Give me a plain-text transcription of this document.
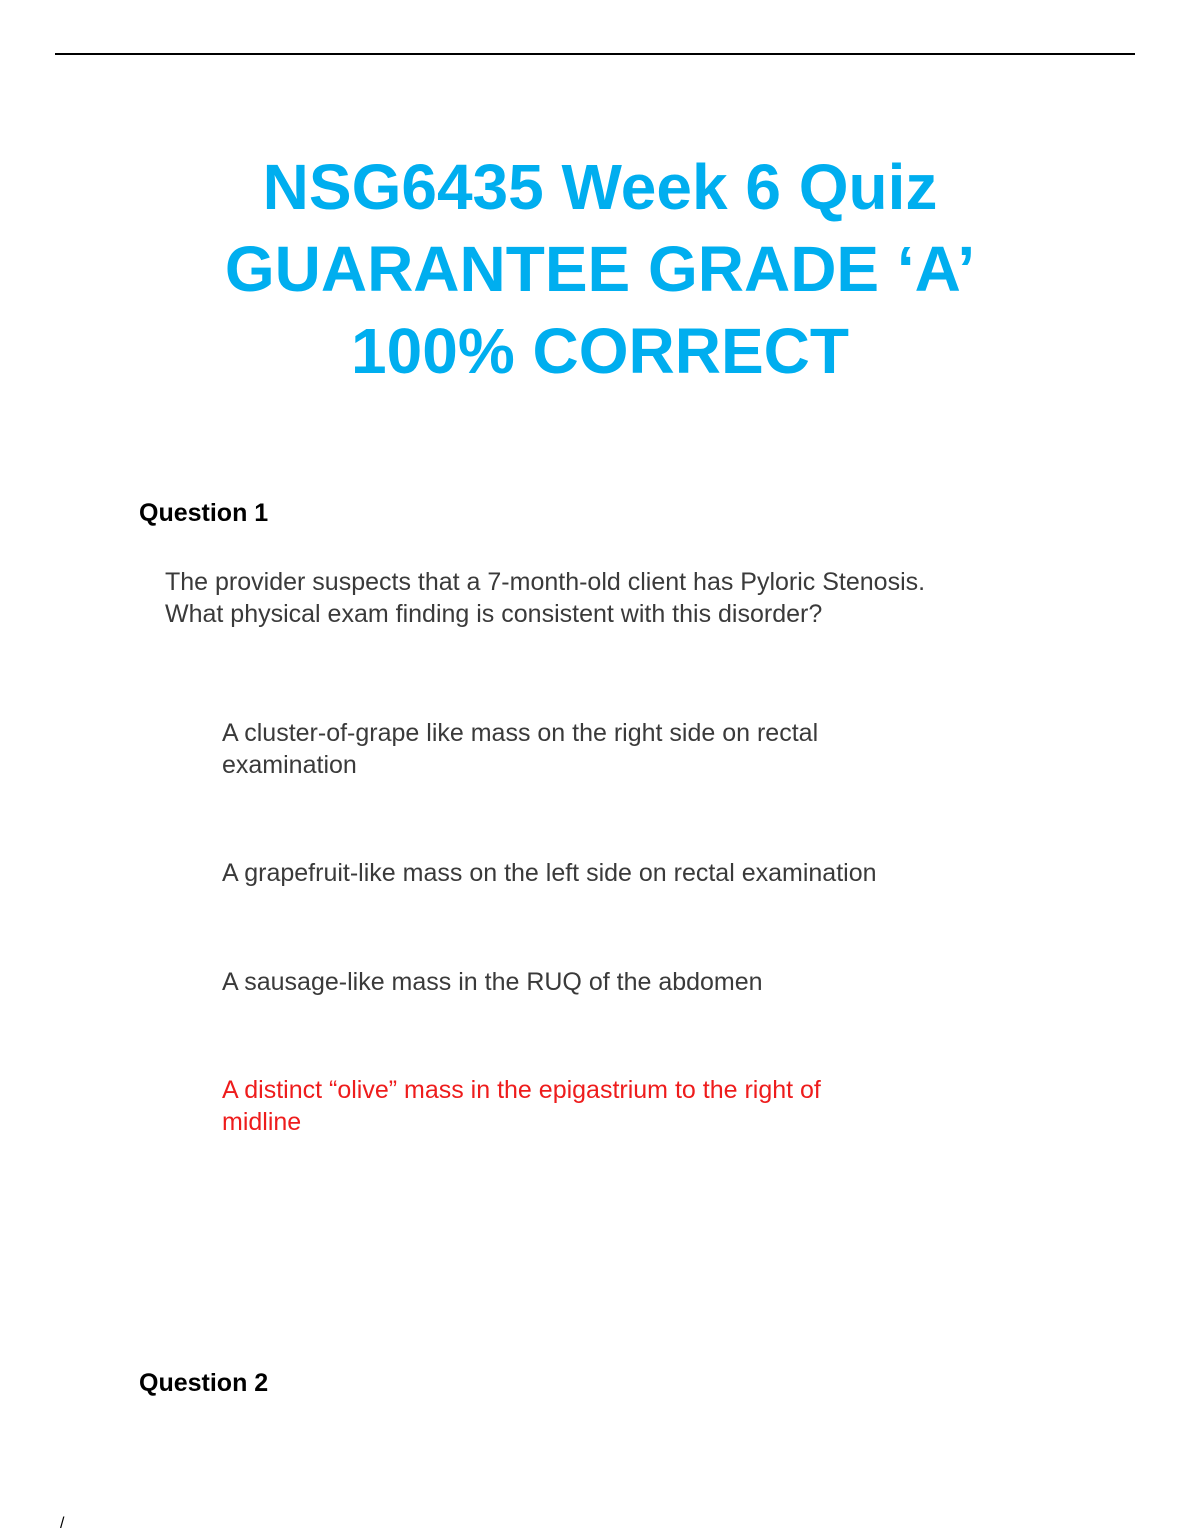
NSG6435 Week 6 Quiz
GUARANTEE GRADE ‘A’
100% CORRECT
Question 1
The provider suspects that a 7-month-old client has Pyloric Stenosis.
What physical exam finding is consistent with this disorder?
A cluster-of-grape like mass on the right side on rectal
examination
A grapefruit-like mass on the left side on rectal examination
A sausage-like mass in the RUQ of the abdomen
A distinct “olive” mass in the epigastrium to the right of
midline
Question 2
/
